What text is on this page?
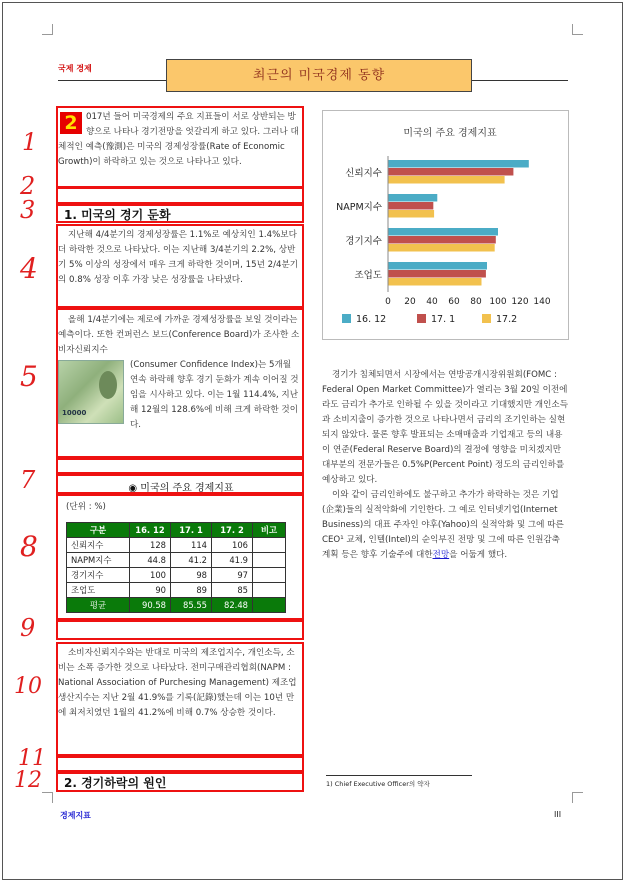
국제 경제	최근의 미국경제 동향
2 017년 들어 미국경제의 주요 지표들이 서로 상반되는 방향으로 나타나 경기전망을 엇갈리게 하고 있다. 그러나 대체적인 예측(豫測)은 미국의 경제성장률(Rate of Economic Growth)이 하락하고 있는 것으로 나타나고 있다.
1. 미국의 경기 둔화
지난해 4/4분기의 경제성장률은 1.1%로 예상치인 1.4%보다 더 하락한 것으로 나타났다. 이는 지난해 3/4분기의 2.2%, 상반기 5% 이상의 성장에서 매우 크게 하락한 것이며, 15년 2/4분기의 0.8% 성장 이후 가장 낮은 성장률을 나타냈다.
올해 1/4분기에는 제로에 가까운 경제성장률을 보일 것이라는 예측이다. 또한 컨퍼런스 보드(Conference Board)가 조사한 소비자신뢰지수
10000
(Consumer Confidence Index)는 5개월 연속 하락해 향후 경기 둔화가 계속 이어질 것임을 시사하고 있다. 이는 1월 114.4%, 지난해 12월의 128.6%에 비해 크게 하락한 것이다.
◉ 미국의 주요 경제지표
(단위 : %)
구분	16. 12	17. 1	17. 2	비고
신뢰지수	128	114	106	
NAPM지수	44.8	41.2	41.9	
경기지수	100	98	97	
조업도	90	89	85	
평균	90.58	85.55	82.48	
소비자신뢰지수와는 반대로 미국의 제조업지수, 개인소득, 소비는 소폭 증가한 것으로 나타났다. 전미구매관리협회(NAPM : National Association of Purchesing Management) 제조업생산지수는 지난 2월 41.9%를 기록(記錄)했는데 이는 10년 만에 최저치였던 1월의 41.2%에 비해 0.7% 상승한 것이다.
2. 경기하락의 원인
미국의 주요 경제지표
신뢰지수
NAPM지수
경기지수
조업도
0 20 40 60 80 100 120 140
16. 12	17. 1	17.2
경기가 침체되면서 시장에서는 연방공개시장위원회(FOMC : Federal Open Market Committee)가 열리는 3월 20일 이전에라도 금리가 추가로 인하될 수 있을 것이라고 기대했지만 개인소득과 소비지출이 증가한 것으로 나타나면서 금리의 조기인하는 실현되지 않았다. 물론 향후 발표되는 소매매출과 기업재고 등의 내용이 연준(Federal Reserve Board)의 결정에 영향을 미치겠지만 대부분의 전문가들은 0.5%P(Percent Point) 정도의 금리인하를 예상하고 있다.
이와 같이 금리인하에도 불구하고 추가가 하락하는 것은 기업(企業)들의 실적악화에 기인한다. 그 예로 인터넷기업(Internet Business)의 대표 주자인 야후(Yahoo)의 실적악화 및 그에 따른 CEO¹ 교체, 인텔(Intel)의 순익부진 전망 및 그에 따른 인원감축 계획 등은 향후 기술주에 대한전망을 어둡게 했다.
1) Chief Executive Officer의 약자
경제지표	III
1
2
3
4
5
7
8
9
10
11
12
